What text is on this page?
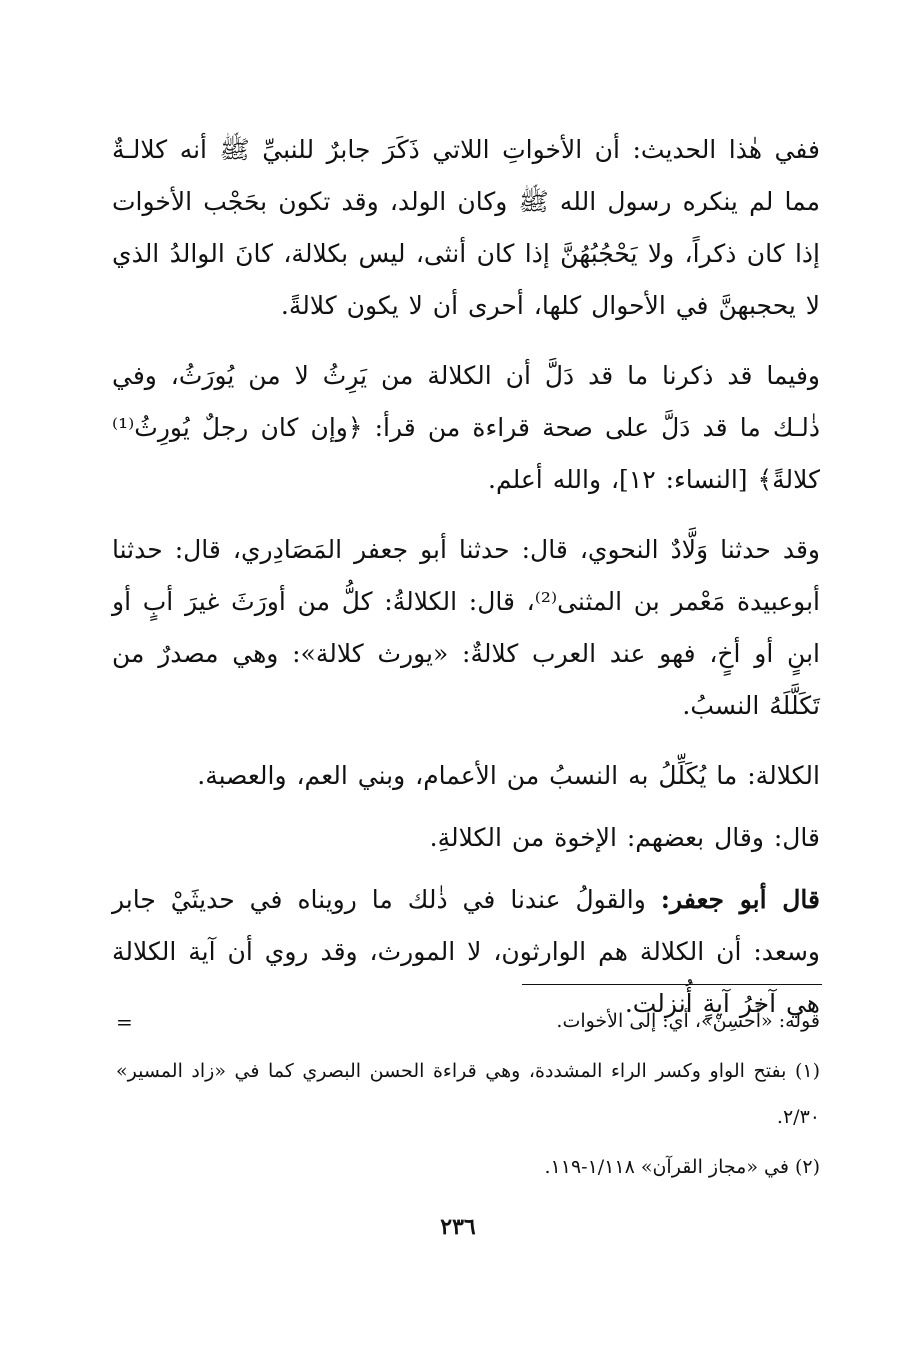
ففي هٰذا الحديث: أن الأخواتِ اللاتي ذَكَرَ جابرٌ للنبيِّ ﷺ أنه كلالـةٌ مما لم ينكره رسول الله ﷺ وكان الولد، وقد تكون بحَجْب الأخوات إذا كان ذكراً، ولا يَحْجُبُهُنَّ إذا كان أنثى، ليس بكلالة، كانَ الوالدُ الذي لا يحجبهنَّ في الأحوال كلها، أحرى أن لا يكون كلالةً.

وفيما قد ذكرنا ما قد دَلَّ أن الكلالة من يَرِثُ لا من يُورَثُ، وفي ذٰلـك ما قد دَلَّ على صحة قراءة من قرأ: ﴿وإن كان رجلٌ يُورِثُ⁽¹⁾ كلالةً﴾ [النساء: ١٢]، والله أعلم.

وقد حدثنا وَلَّادٌ النحوي، قال: حدثنا أبو جعفر المَصَادِري، قال: حدثنا أبوعبيدة مَعْمر بن المثنى⁽²⁾، قال: الكلالةُ: كلُّ من أورَثَ غيرَ أبٍ أو ابنٍ أو أخٍ، فهو عند العرب كلالةٌ: «يورث كلالة»: وهي مصدرٌ من تَكَلَّلَهُ النسبُ.

الكلالة: ما يُكَلِّلُ به النسبُ من الأعمام، وبني العم، والعصبة.

قال: وقال بعضهم: الإخوة من الكلالةِ.

قال أبو جعفر: والقولُ عندنا في ذٰلك ما رويناه في حديثَيْ جابر وسعد: أن الكلالة هم الوارثون، لا المورث، وقد روي أن آية الكلالة هي آخرُ آيةٍ أُنزلت.

=	قوله: «أَحسِنْ»، أي: إلى الأخوات.
(١) بفتح الواو وكسر الراء المشددة، وهي قراءة الحسن البصري كما في «زاد المسير» ٢/٣٠.
(٢) في «مجاز القرآن» ١/١١٨-١١٩.
٢٣٦
